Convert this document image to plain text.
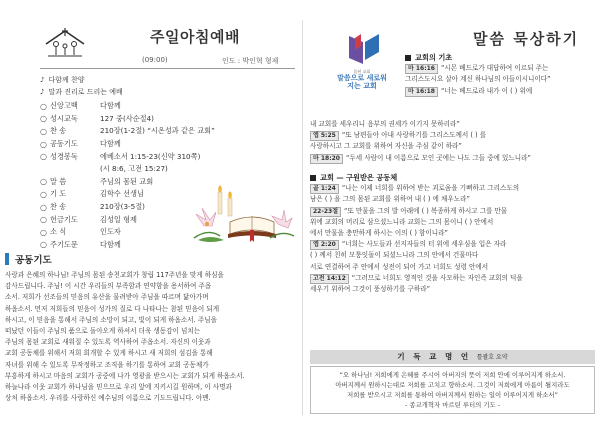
주일아침예배
(09:00)	인도 : 박인혁 형제
♪ 다함께 찬양
♪ 말과 진리로 드리는 예배
○ 신앙고백	다함께
○ 성시교독	127 중(사순절4)
○ 찬 송	210장(1-2절) “시온성과 같은 교회”
○ 공동기도	다함께
○ 성경봉독	에베소서 1:15-23(신약 310쪽)
(시 8:6, 고전 15:27)
○ 말 씀	주님의 몸된 교회
○ 기 도	김학수 선생님
○ 찬 송	210장(3-5절)
○ 헌금기도	김성일 형제
○ 소 식	인도자
○ 주기도문	다함께
공동기도
사랑과 은혜의 하나님! 주님의 몸된 송천교회가 창립 117주년을 맞게 하심을
감사드립니다. 주님! 이 시간 우리들의 부족함과 연약함을 용서하여 주옵
소서. 저희가 선조들의 믿음의 유산을 물려받아 주님을 따르며 닮아가며
하옵소서. 먼저 저희들의 믿음이 성가의 질로 다 나타나는 참된 믿음이 되게
하시고, 이 믿음을 통해서 주님의 소망이 되고, 빛이 되게 하옵소서. 주님을
떠났던 이들이 주님의 품으로 돌아오게 하셔서 더욱 생동감이 넘치는
주님의 몸된 교회로 새워질 수 있도록 역사하여 주옵소서. 자신의 이웃과
교회 공동체를 위해서 저희 회개할 수 있게 하시고 새 저희의 섬김을 통해
자녀를 위해 수 있도록 무작정하고 조직을 하기를 통하여 교회 공동체가
부흥하게 하시고 마음의 교회가 공중에 나가 영광을 받으시는 교회가 되게 하옵소서.
하늘나라 이웃 교회가 하나님을 믿으므로 우리 앞에 지키시길 원하며, 이 사명과
상처 하옵소서. 우리를 사랑하신 예수님의 이름으로 기도드립니다. 아멘.
몸된 교회
말씀으로 새로워지는 교회
말씀 묵상하기
교회의 기초
마 16:16 “시몬 베드로가 대답하여 이르되 주는
그리스도시요 살아 계신 하나님의 아들이시니이다”
마 16:18 “너는 베드로라 내가 이 ( ) 위에
내 교회를 세우리니 음부의 권세가 이기지 못하리라”
엡 5:25 “또 남편들아 아내 사랑하기를 그리스도께서 ( ) 를
사랑하시고 그 교회를 위하여 자신을 주심 같이 하라”
마 18:20 “두세 사람이 내 이름으로 모인 곳에는 나도 그들 중에 있느니라”
교회 — 구원받은 공동체
골 1:24 “나는 이제 너희를 위하여 받는 괴로움을 기뻐하고 그리스도의
남은 ( ) 을 그의 몸된 교회를 위하여 내 ( ) 에 채우노라”
22-23절 “또 만물을 그의 발 아래에 ( ) 복종하게 하시고 그를 만물
위에 교회의 머리로 삼으셨느니라 교회는 그의 몸이니 ( ) 안에서
에서 만물을 충만하게 하시는 이의 ( ) 함이니라”
엡 2:20 “너희는 사도들과 선지자들의 터 위에 세우심을 입은 자라
( ) 께서 친히 모퉁잇돌이 되셨느니라 그의 안에서 건물마다
서로 연결하여 주 안에서 성전이 되어 가고 너희도 성령 안에서
고전 14:12 “그러므로 너희도 영적인 것을 사모하는 자인즉 교회의 덕을
세우기 위하여 그것이 풍성하기를 구하라”
기 독 교 명 언 틀괄호 요약
“오 하나님! 저희에게 은혜를 주시어 아버지의 뜻이 저희 안에 이루어지게 하소서.
아버지께서 원하시는대로 저희를 고치고 향하소서. 그것이 저희에게 아름이 될지라도
저희를 받으시고 저희를 통하여 아버지께서 원하는 일이 이루어지게 하소서”
- 종교개혁자 마르틴 루터의 기도 -
